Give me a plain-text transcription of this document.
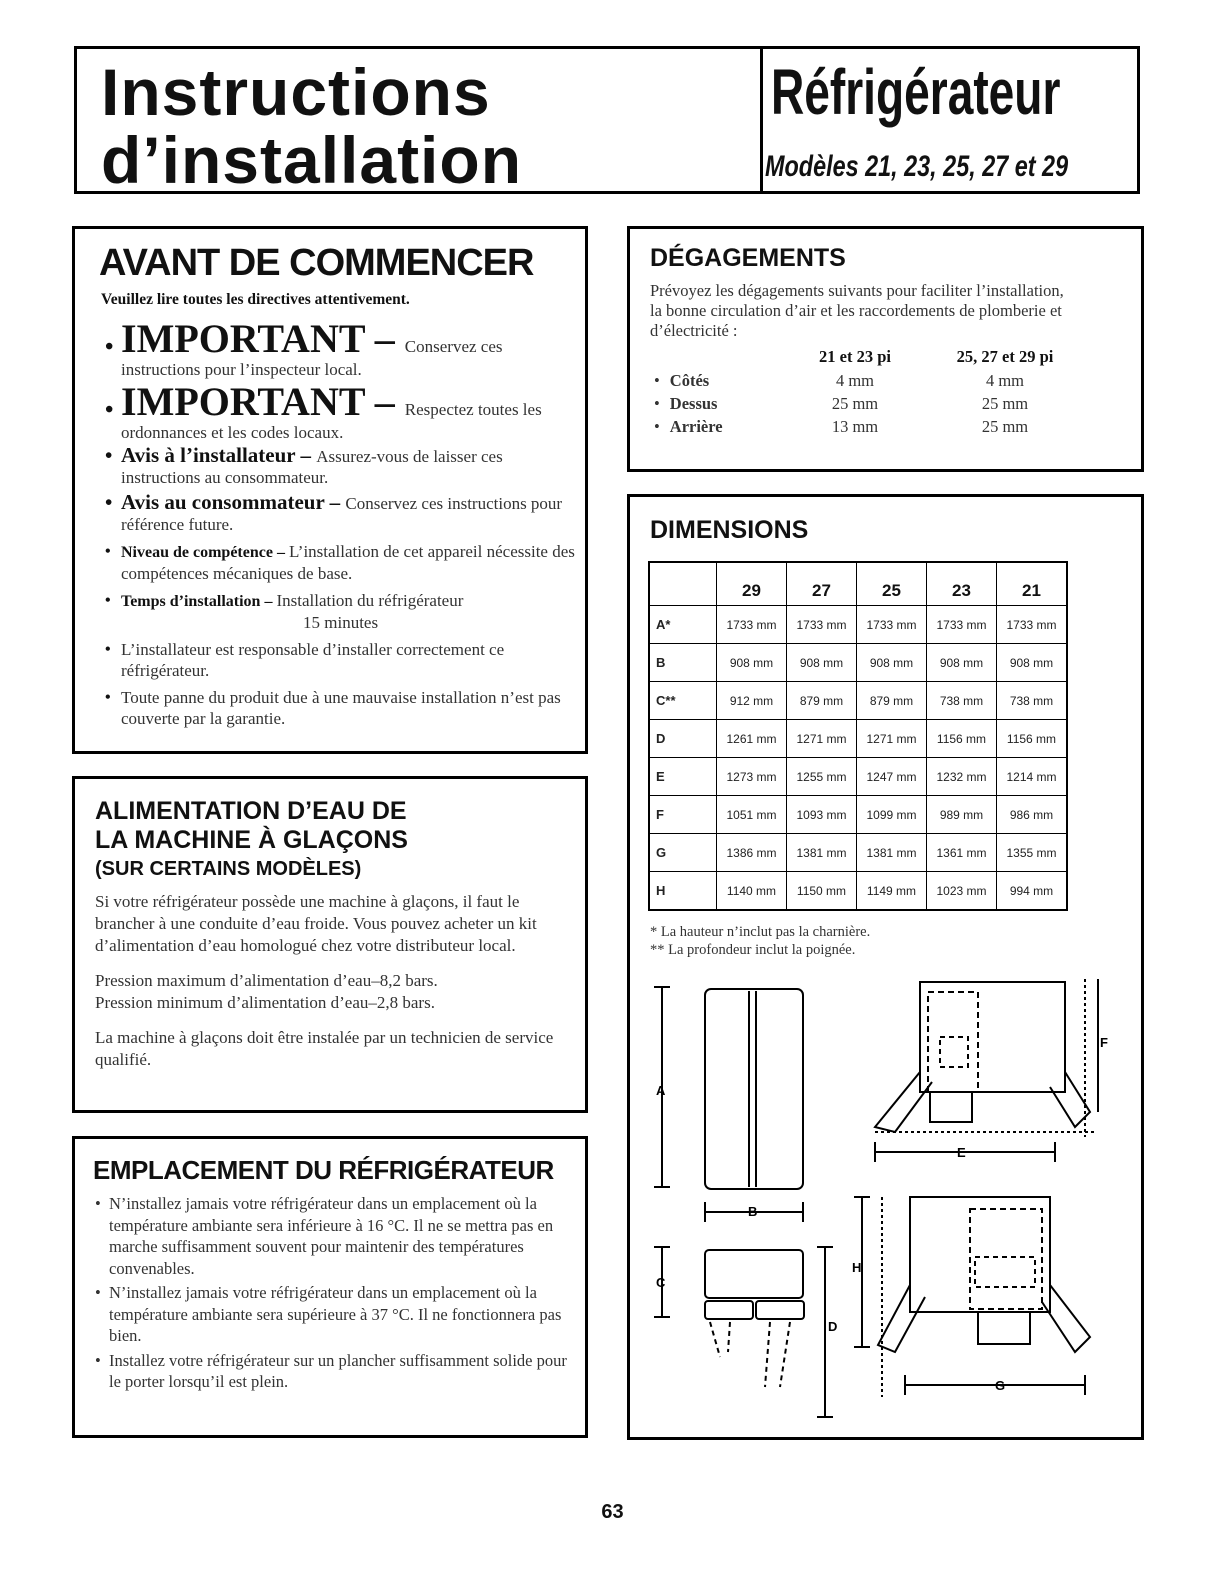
Instructions
d’installation
Réfrigérateur
Modèles 21, 23, 25, 27 et 29
AVANT DE COMMENCER
Veuillez lire toutes les directives attentivement.
• IMPORTANT – Conservez ces instructions pour l’inspecteur local.
• IMPORTANT – Respectez toutes les ordonnances et les codes locaux.
• Avis à l’installateur – Assurez-vous de laisser ces instructions au consommateur.
• Avis au consommateur – Conservez ces instructions pour référence future.
• Niveau de compétence – L’installation de cet appareil nécessite des compétences mécaniques de base.
• Temps d’installation – Installation du réfrigérateur
15 minutes
• L’installateur est responsable d’installer correctement ce réfrigérateur.
• Toute panne du produit due à une mauvaise installation n’est pas couverte par la garantie.
ALIMENTATION D’EAU DE
LA MACHINE À GLAÇONS
(SUR CERTAINS MODÈLES)

Si votre réfrigérateur possède une machine à glaçons, il faut le brancher à une conduite d’eau froide. Vous pouvez acheter un kit d’alimentation d’eau homologué chez votre distributeur local.

Pression maximum d’alimentation d’eau–8,2 bars.

Pression minimum d’alimentation d’eau–2,8 bars.

La machine à glaçons doit être instalée par un technicien de service qualifié.

EMPLACEMENT DU RÉFRIGÉRATEUR
• N’installez jamais votre réfrigérateur dans un emplacement où la température ambiante sera inférieure à 16 °C. Il ne se mettra pas en marche suffisamment souvent pour maintenir des températures convenables.
• N’installez jamais votre réfrigérateur dans un emplacement où la température ambiante sera supérieure à 37 °C. Il ne fonctionnera pas bien.
• Installez votre réfrigérateur sur un plancher suffisamment solide pour le porter lorsqu’il est plein.
DÉGAGEMENTS

Prévoyez les dégagements suivants pour faciliter l’installation, la bonne circulation d’air et les raccordements de plomberie et d’électricité :

	21 et 23 pi	25, 27 et 29 pi
• Côtés	4 mm	4 mm
• Dessus	25 mm	25 mm
• Arrière	13 mm	25 mm
DIMENSIONS
	29	27	25	23	21
A*	1733 mm	1733 mm	1733 mm	1733 mm	1733 mm
B	908 mm	908 mm	908 mm	908 mm	908 mm
C**	912 mm	879 mm	879 mm	738 mm	738 mm
D	1261 mm	1271 mm	1271 mm	1156 mm	1156 mm
E	1273 mm	1255 mm	1247 mm	1232 mm	1214 mm
F	1051 mm	1093 mm	1099 mm	989 mm	986 mm
G	1386 mm	1381 mm	1381 mm	1361 mm	1355 mm
H	1140 mm	1150 mm	1149 mm	1023 mm	994 mm
* La hauteur n’inclut pas la charnière.
** La profondeur inclut la poignée.
A
B
C
D
F
E
H
G
63
